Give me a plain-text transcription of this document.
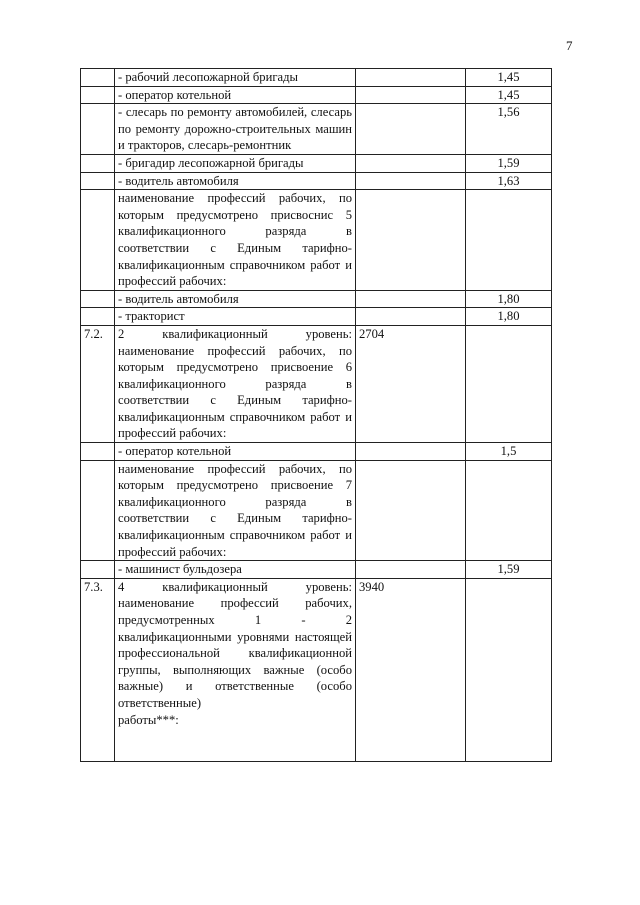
7
	- рабочий лесопожарной бригады		1,45
	- оператор котельной		1,45
	- слесарь по ремонту автомобилей, слесарь по ремонту дорожно-строительных машин и тракторов, слесарь-ремонтник		1,56
	- бригадир лесопожарной бригады		1,59
	- водитель автомобиля		1,63
	наименование профессий рабочих, по которым предусмотрено присвоснис 5 квалификационного разряда в соответствии с Единым тарифно-квалификационным справочником работ и профессий рабочих:		
	- водитель автомобиля		1,80
	- тракторист		1,80
7.2.	2 квалификационный уровень: наименование профессий рабочих, по которым предусмотрено присвоение 6 квалификационного разряда в соответствии с Единым тарифно-квалификационным справочником работ и профессий рабочих:	2704	
	- оператор котельной		1,5
	наименование профессий рабочих, по которым предусмотрено присвоение 7 квалификационного разряда в соответствии с Единым тарифно-квалификационным справочником работ и профессий рабочих:		
	- машинист бульдозера		1,59
7.3.	4 квалификационный уровень: наименование профессий рабочих, предусмотренных 1 - 2 квалификационными уровнями настоящей профессиональной квалификационной группы, выполняющих важные (особо важные) и ответственные (особо ответственные)
работы***:	3940	
